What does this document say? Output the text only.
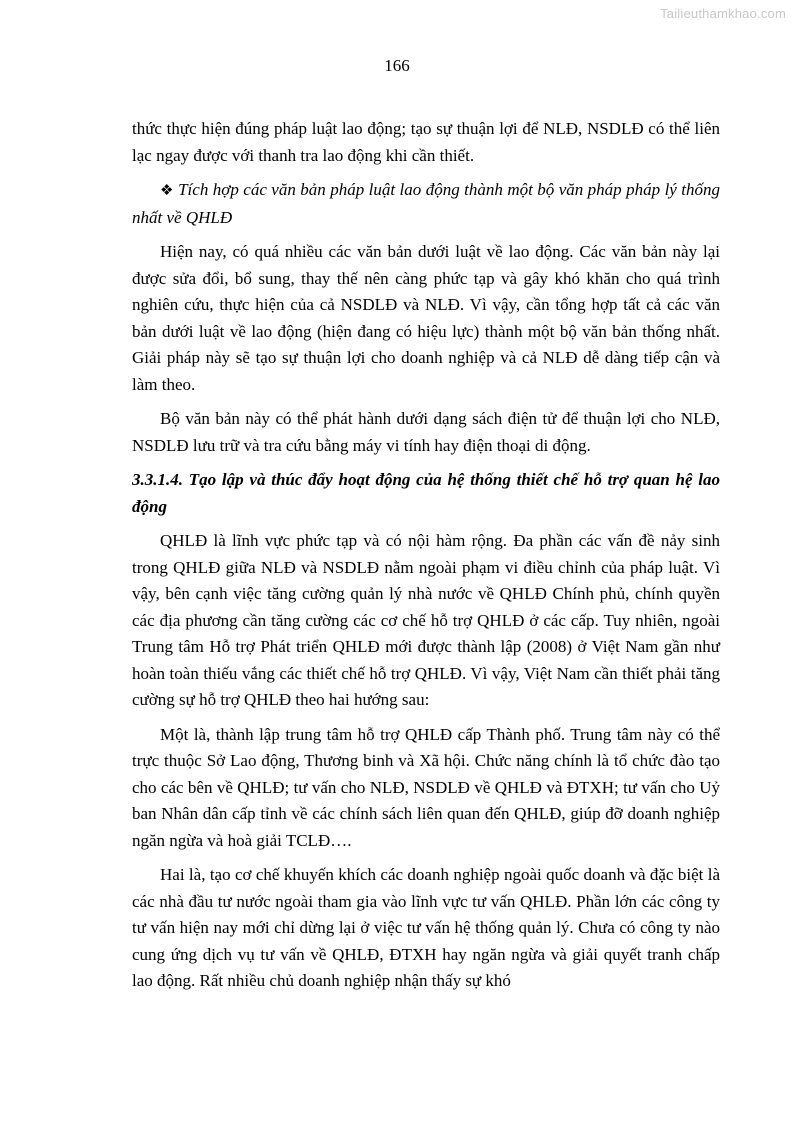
Tailieuthamkhao.com
166

thức thực hiện đúng pháp luật lao động; tạo sự thuận lợi để NLĐ, NSDLĐ có thể liên lạc ngay được với thanh tra lao động khi cần thiết.

❖ Tích hợp các văn bản pháp luật lao động thành một bộ văn pháp pháp lý thống nhất về QHLĐ

Hiện nay, có quá nhiều các văn bản dưới luật về lao động. Các văn bản này lại được sửa đổi, bổ sung, thay thế nên càng phức tạp và gây khó khăn cho quá trình nghiên cứu, thực hiện của cả NSDLĐ và NLĐ. Vì vậy, cần tổng hợp tất cả các văn bản dưới luật về lao động (hiện đang có hiệu lực) thành một bộ văn bản thống nhất. Giải pháp này sẽ tạo sự thuận lợi cho doanh nghiệp và cả NLĐ dễ dàng tiếp cận và làm theo.

Bộ văn bản này có thể phát hành dưới dạng sách điện tử để thuận lợi cho NLĐ, NSDLĐ lưu trữ và tra cứu bằng máy vi tính hay điện thoại di động.

3.3.1.4. Tạo lập và thúc đẩy hoạt động của hệ thống thiết chế hỗ trợ quan hệ lao động

QHLĐ là lĩnh vực phức tạp và có nội hàm rộng. Đa phần các vấn đề nảy sinh trong QHLĐ giữa NLĐ và NSDLĐ nằm ngoài phạm vi điều chỉnh của pháp luật. Vì vậy, bên cạnh việc tăng cường quản lý nhà nước về QHLĐ Chính phủ, chính quyền các địa phương cần tăng cường các cơ chế hỗ trợ QHLĐ ở các cấp. Tuy nhiên, ngoài Trung tâm Hỗ trợ Phát triển QHLĐ mới được thành lập (2008) ở Việt Nam gần như hoàn toàn thiếu vắng các thiết chế hỗ trợ QHLĐ. Vì vậy, Việt Nam cần thiết phải tăng cường sự hỗ trợ QHLĐ theo hai hướng sau:

Một là, thành lập trung tâm hỗ trợ QHLĐ cấp Thành phố. Trung tâm này có thể trực thuộc Sở Lao động, Thương binh và Xã hội. Chức năng chính là tổ chức đào tạo cho các bên về QHLĐ; tư vấn cho NLĐ, NSDLĐ về QHLĐ và ĐTXH; tư vấn cho Uỷ ban Nhân dân cấp tỉnh về các chính sách liên quan đến QHLĐ, giúp đỡ doanh nghiệp ngăn ngừa và hoà giải TCLĐ….

Hai là, tạo cơ chế khuyến khích các doanh nghiệp ngoài quốc doanh và đặc biệt là các nhà đầu tư nước ngoài tham gia vào lĩnh vực tư vấn QHLĐ. Phần lớn các công ty tư vấn hiện nay mới chỉ dừng lại ở việc tư vấn hệ thống quản lý. Chưa có công ty nào cung ứng dịch vụ tư vấn về QHLĐ, ĐTXH hay ngăn ngừa và giải quyết tranh chấp lao động. Rất nhiều chủ doanh nghiệp nhận thấy sự khó
